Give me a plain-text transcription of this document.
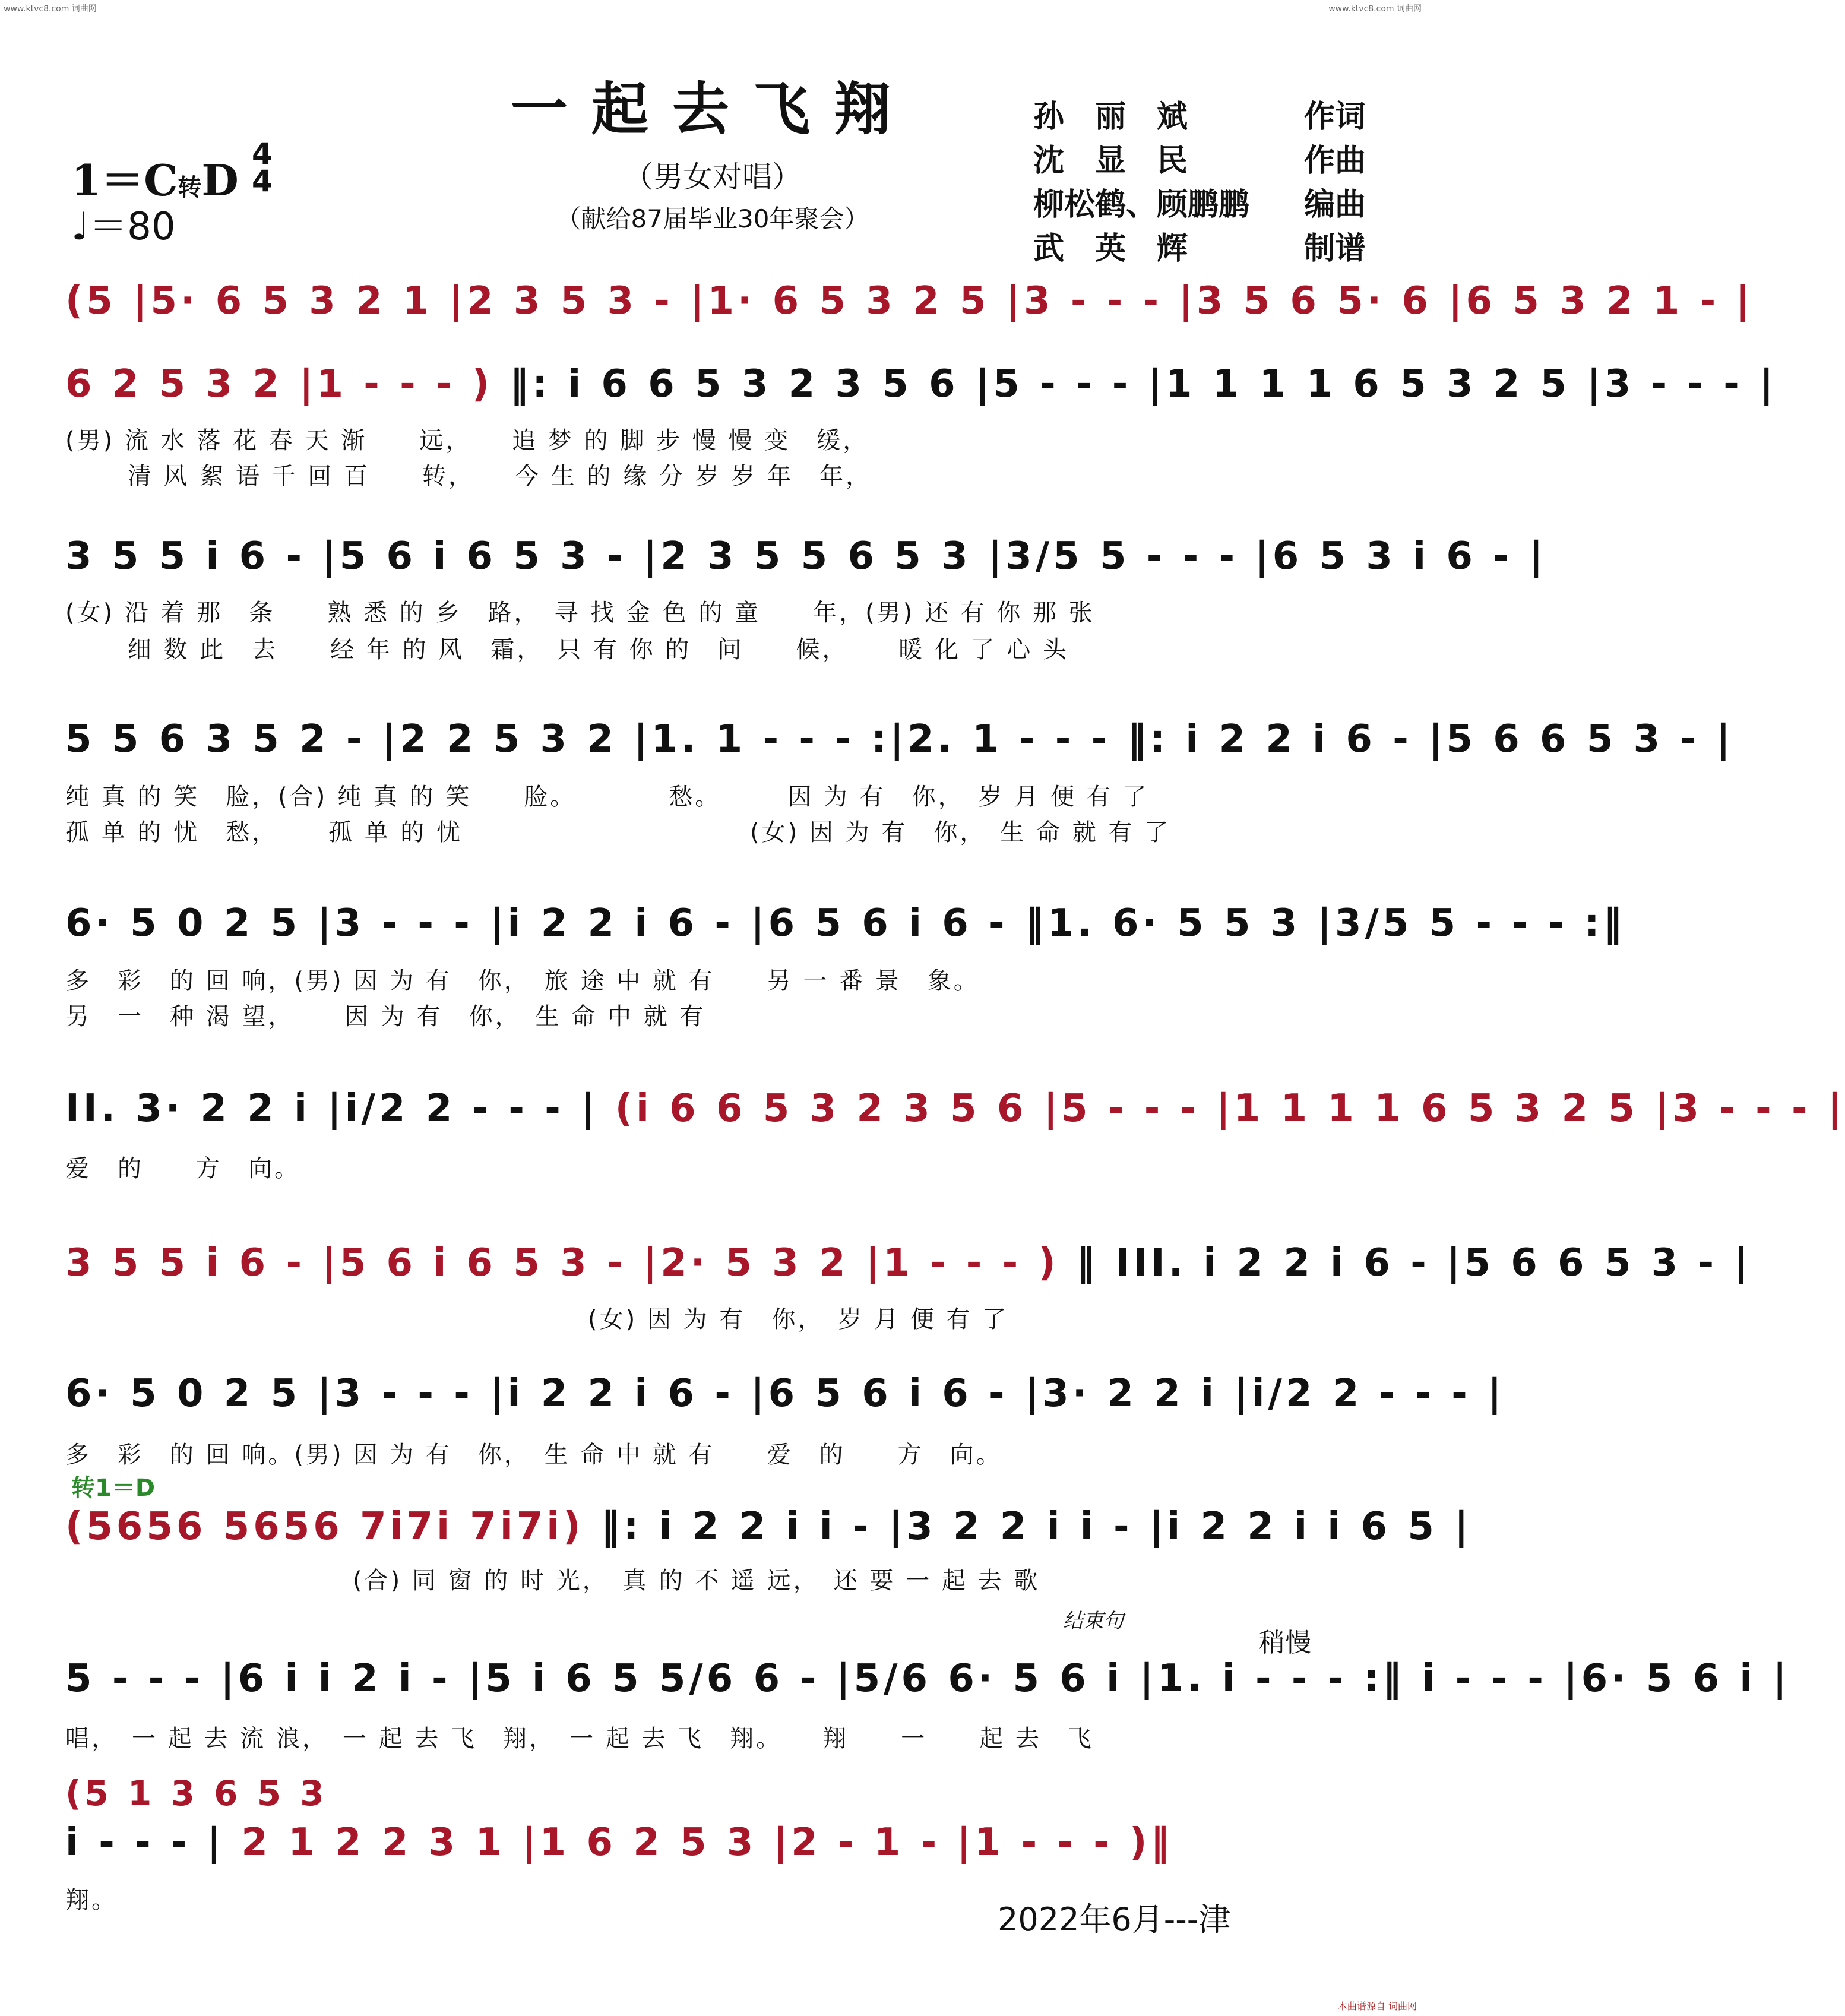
www.ktvc8.com 词曲网	www.ktvc8.com 词曲网
一起去飞翔
（男女对唱）
（献给87届毕业30年聚会）
1＝C转D
4
4
♩＝80
孙　丽　斌	作词
沈　显　民	作曲
柳松鹤、顾鹏鹏 编曲
武　英　辉	制谱
(5 |5· 6 5 3 2 1 |2 3 5 3 - |1· 6 5 3 2 5 |3 - - - |3 5 6 5· 6 |6 5 3 2 1 - |
6 2 5 3 2 |1 - - - ) ‖: i 6 6 5 3 2 3 5 6 |5 - - - |1 1 1 1 6 5 3 2 5 |3 - - - |
(男) 流 水 落 花 春 天 渐　　远，　　追 梦 的 脚 步 慢 慢 变　缓，
　　 清 风 絮 语 千 回 百　　转，　　今 生 的 缘 分 岁 岁 年　年，
3 5 5 i 6 - |5 6 i 6 5 3 - |2 3 5 5 6 5 3 |3/5 5 - - - |6 5 3 i 6 - |
(女) 沿 着 那　条　　熟 悉 的 乡　路，　寻 找 金 色 的 童　　年，(男) 还 有 你 那 张
　　 细 数 此　去　　经 年 的 风　霜，　只 有 你 的　问　　候，　　 暖 化 了 心 头
5 5 6 3 5 2 - |2 2 5 3 2 |1. 1 - - - :|2. 1 - - - ‖: i 2 2 i 6 - |5 6 6 5 3 - |
纯 真 的 笑　脸，(合) 纯 真 的 笑　　脸。　　　　愁。　　　因 为 有　你，　岁 月 便 有 了
孤 单 的 忧　愁，　　 孤 单 的 忧　　　　　　　　　　　(女) 因 为 有　你，　生 命 就 有 了
6· 5 0 2 5 |3 - - - |i 2 2 i 6 - |6 5 6 i 6 - ‖1. 6· 5 5 3 |3/5 5 - - - :‖
多　彩　的 回 响，(男) 因 为 有　你，　旅 途 中 就 有　　另 一 番 景　象。
另　一　种 渴 望，　　 因 为 有　你，　生 命 中 就 有
II. 3· 2 2 i |i/2 2 - - - | (i 6 6 5 3 2 3 5 6 |5 - - - |1 1 1 1 6 5 3 2 5 |3 - - - |
爱　的　　方　向。
3 5 5 i 6 - |5 6 i 6 5 3 - |2· 5 3 2 |1 - - - ) ‖ III. i 2 2 i 6 - |5 6 6 5 3 - |
　　　　　　　　　　　　　　　　　　　　(女) 因 为 有　你，　岁 月 便 有 了
6· 5 0 2 5 |3 - - - |i 2 2 i 6 - |6 5 6 i 6 - |3· 2 2 i |i/2 2 - - - |
多　彩　的 回 响。(男) 因 为 有　你，　生 命 中 就 有　　爱　的　　方　向。
转1＝D
(5656 5656 7i7i 7i7i) ‖: i 2 2 i i - |3 2 2 i i - |i 2 2 i i 6 5 |
　　　　　　　　　　　(合) 同 窗 的 时 光，　真 的 不 遥 远，　还 要 一 起 去 歌
结束句
稍慢
5 - - - |6 i i 2 i - |5 i 6 5 5/6 6 - |5/6 6· 5 6 i |1. i - - - :‖ i - - - |6· 5 6 i |
唱，　一 起 去 流 浪，　一 起 去 飞　翔，　一 起 去 飞　翔。　　翔　　一　　起 去　飞
(5 1 3 6 5 3
i - - - | 2 1 2 2 3 1 |1 6 2 5 3 |2 - 1 - |1 - - - )‖
翔。
2022年6月---津
本曲谱源自 词曲网
